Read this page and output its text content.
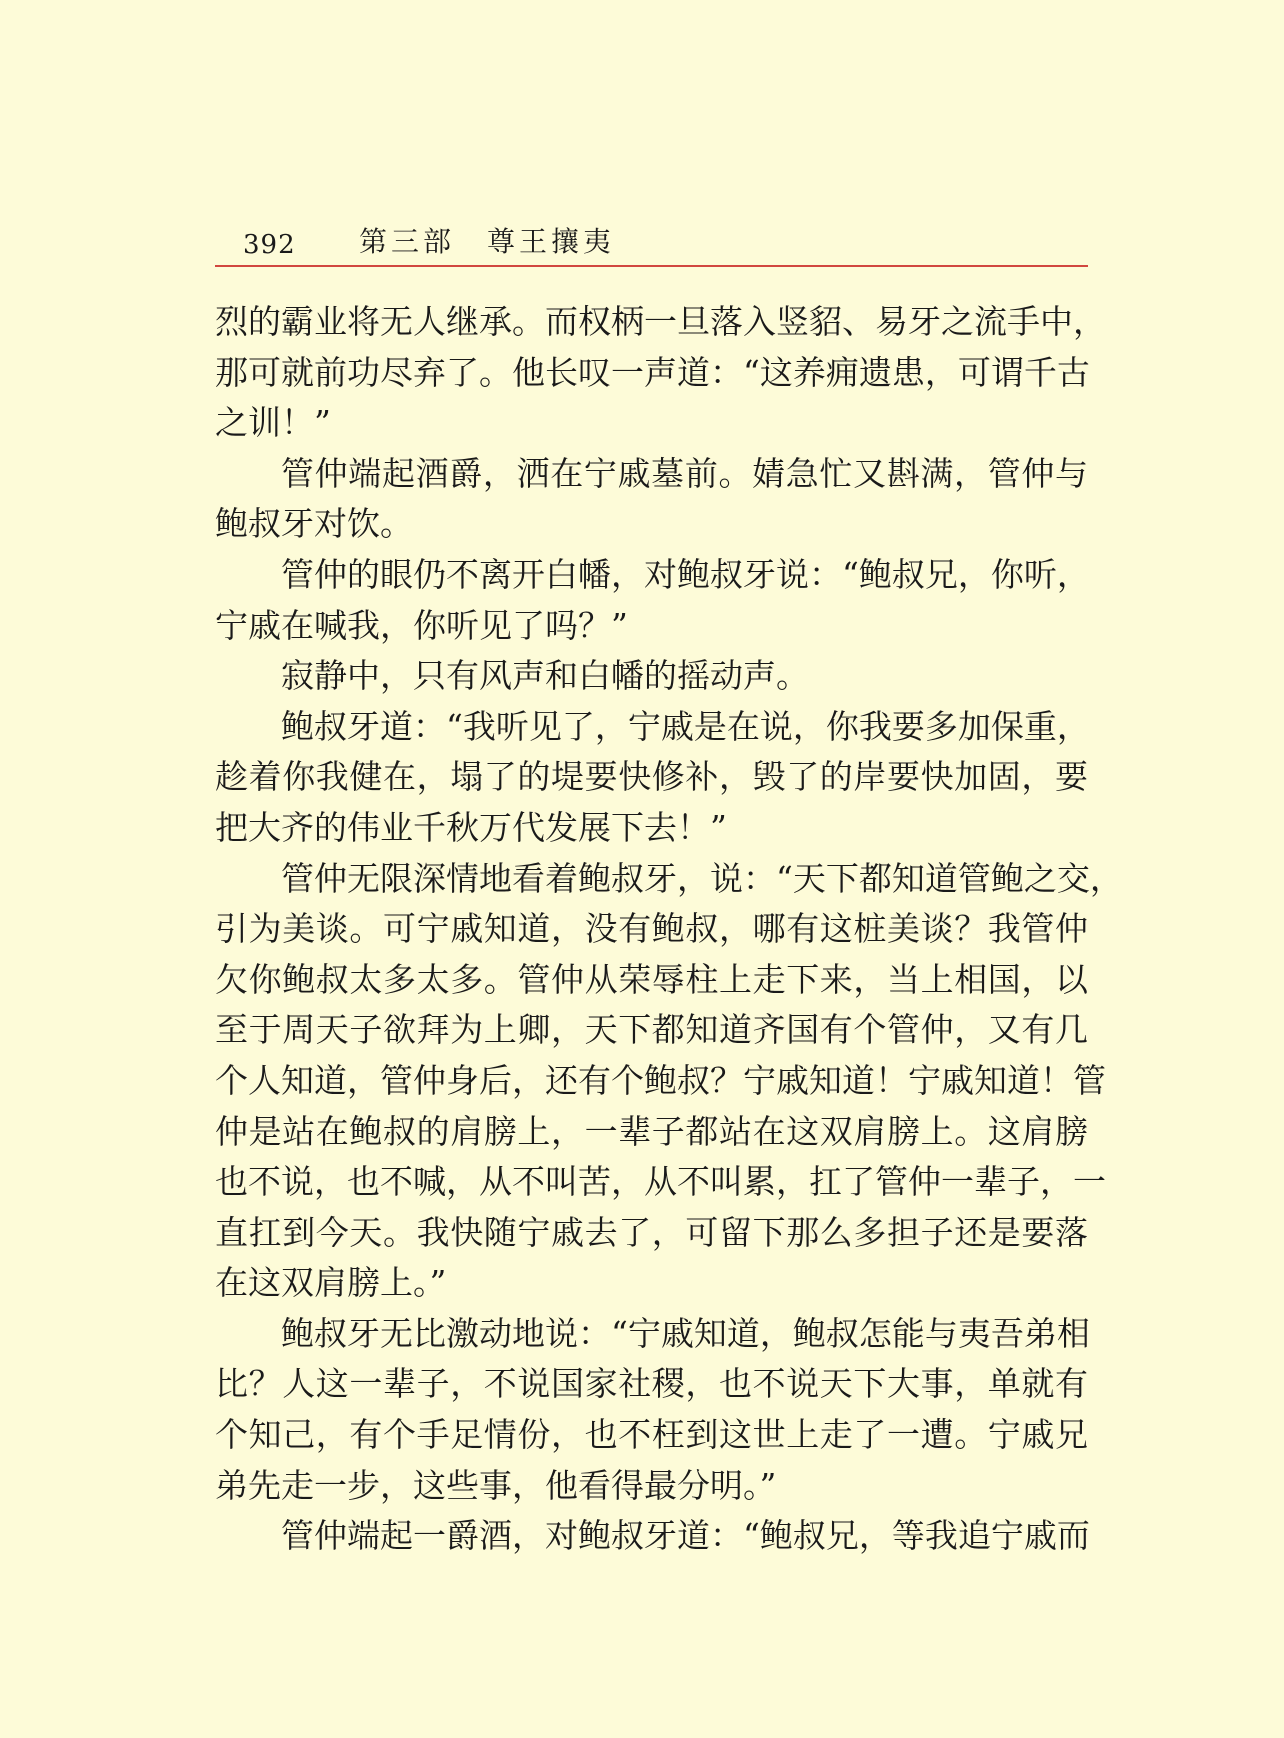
392	第三部 尊王攘夷
烈的霸业将无人继承。而权柄一旦落入竖貂、易牙之流手中，
那可就前功尽弃了。他长叹一声道：“这养痈遗患，可谓千古
之训！”
管仲端起酒爵，洒在宁戚墓前。婧急忙又斟满，管仲与
鲍叔牙对饮。
管仲的眼仍不离开白幡，对鲍叔牙说：“鲍叔兄，你听，
宁戚在喊我，你听见了吗？”
寂静中，只有风声和白幡的摇动声。
鲍叔牙道：“我听见了，宁戚是在说，你我要多加保重，
趁着你我健在，塌了的堤要快修补，毁了的岸要快加固，要
把大齐的伟业千秋万代发展下去！”
管仲无限深情地看着鲍叔牙，说：“天下都知道管鲍之交，
引为美谈。可宁戚知道，没有鲍叔，哪有这桩美谈？我管仲
欠你鲍叔太多太多。管仲从荣辱柱上走下来，当上相国，以
至于周天子欲拜为上卿，天下都知道齐国有个管仲，又有几
个人知道，管仲身后，还有个鲍叔？宁戚知道！宁戚知道！管
仲是站在鲍叔的肩膀上，一辈子都站在这双肩膀上。这肩膀
也不说，也不喊，从不叫苦，从不叫累，扛了管仲一辈子，一
直扛到今天。我快随宁戚去了，可留下那么多担子还是要落
在这双肩膀上。”
鲍叔牙无比激动地说：“宁戚知道，鲍叔怎能与夷吾弟相
比？人这一辈子，不说国家社稷，也不说天下大事，单就有
个知己，有个手足情份，也不枉到这世上走了一遭。宁戚兄
弟先走一步，这些事，他看得最分明。”
管仲端起一爵酒，对鲍叔牙道：“鲍叔兄，等我追宁戚而
